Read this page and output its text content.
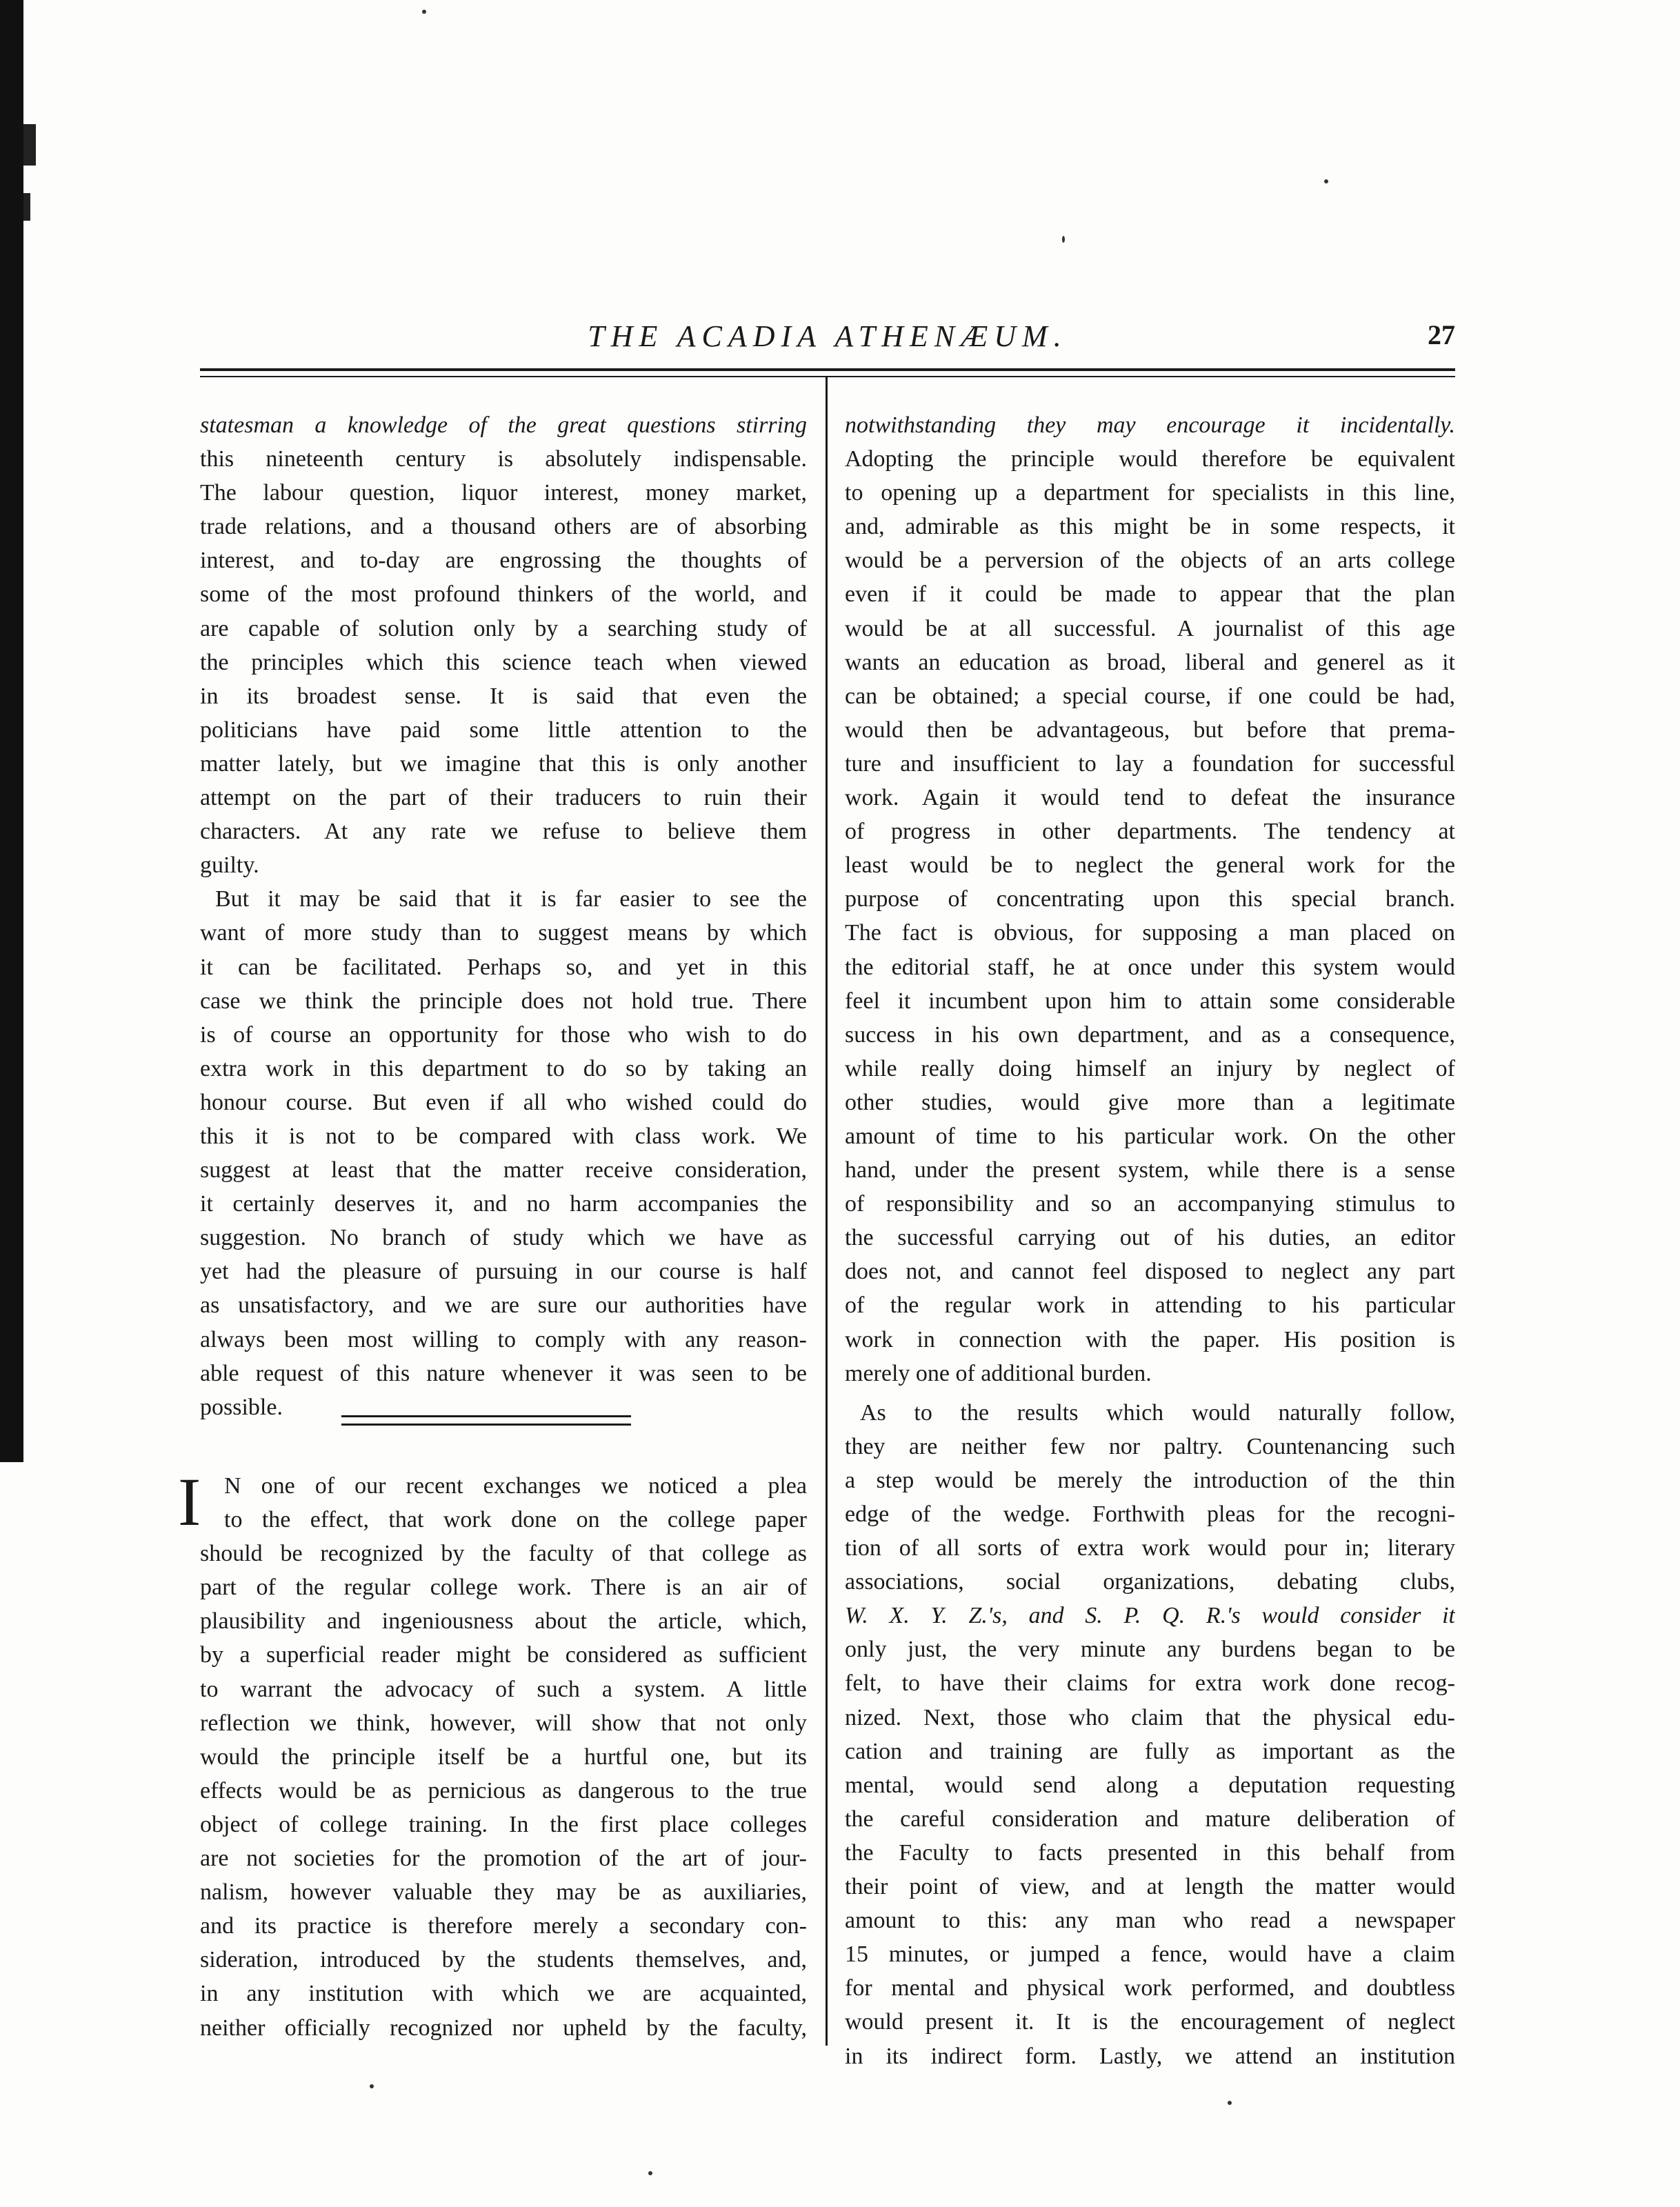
THE ACADIA ATHENÆUM.	27
statesman a knowledge of the great questions stirring
this nineteenth century is absolutely indispensable.
The labour question, liquor interest, money market,
trade relations, and a thousand others are of absorbing
interest, and to-day are engrossing the thoughts of
some of the most profound thinkers of the world, and
are capable of solution only by a searching study of
the principles which this science teach when viewed
in its broadest sense. It is said that even the
politicians have paid some little attention to the
matter lately, but we imagine that this is only another
attempt on the part of their traducers to ruin their
characters. At any rate we refuse to believe them
guilty.
But it may be said that it is far easier to see the
want of more study than to suggest means by which
it can be facilitated. Perhaps so, and yet in this
case we think the principle does not hold true. There
is of course an opportunity for those who wish to do
extra work in this department to do so by taking an
honour course. But even if all who wished could do
this it is not to be compared with class work. We
suggest at least that the matter receive consideration,
it certainly deserves it, and no harm accompanies the
suggestion. No branch of study which we have as
yet had the pleasure of pursuing in our course is half
as unsatisfactory, and we are sure our authorities have
always been most willing to comply with any reason-
able request of this nature whenever it was seen to be
possible.
I N one of our recent exchanges we noticed a plea
to the effect, that work done on the college paper
should be recognized by the faculty of that college as
part of the regular college work. There is an air of
plausibility and ingeniousness about the article, which,
by a superficial reader might be considered as sufficient
to warrant the advocacy of such a system. A little
reflection we think, however, will show that not only
would the principle itself be a hurtful one, but its
effects would be as pernicious as dangerous to the true
object of college training. In the first place colleges
are not societies for the promotion of the art of jour-
nalism, however valuable they may be as auxiliaries,
and its practice is therefore merely a secondary con-
sideration, introduced by the students themselves, and,
in any institution with which we are acquainted,
neither officially recognized nor upheld by the faculty,
notwithstanding they may encourage it incidentally.
Adopting the principle would therefore be equivalent
to opening up a department for specialists in this line,
and, admirable as this might be in some respects, it
would be a perversion of the objects of an arts college
even if it could be made to appear that the plan
would be at all successful. A journalist of this age
wants an education as broad, liberal and generel as it
can be obtained; a special course, if one could be had,
would then be advantageous, but before that prema-
ture and insufficient to lay a foundation for successful
work. Again it would tend to defeat the insurance
of progress in other departments. The tendency at
least would be to neglect the general work for the
purpose of concentrating upon this special branch.
The fact is obvious, for supposing a man placed on
the editorial staff, he at once under this system would
feel it incumbent upon him to attain some considerable
success in his own department, and as a consequence,
while really doing himself an injury by neglect of
other studies, would give more than a legitimate
amount of time to his particular work. On the other
hand, under the present system, while there is a sense
of responsibility and so an accompanying stimulus to
the successful carrying out of his duties, an editor
does not, and cannot feel disposed to neglect any part
of the regular work in attending to his particular
work in connection with the paper. His position is
merely one of additional burden.
As to the results which would naturally follow,
they are neither few nor paltry. Countenancing such
a step would be merely the introduction of the thin
edge of the wedge. Forthwith pleas for the recogni-
tion of all sorts of extra work would pour in; literary
associations, social organizations, debating clubs,
W. X. Y. Z.'s, and S. P. Q. R.'s would consider it
only just, the very minute any burdens began to be
felt, to have their claims for extra work done recog-
nized. Next, those who claim that the physical edu-
cation and training are fully as important as the
mental, would send along a deputation requesting
the careful consideration and mature deliberation of
the Faculty to facts presented in this behalf from
their point of view, and at length the matter would
amount to this: any man who read a newspaper
15 minutes, or jumped a fence, would have a claim
for mental and physical work performed, and doubtless
would present it. It is the encouragement of neglect
in its indirect form. Lastly, we attend an institution
